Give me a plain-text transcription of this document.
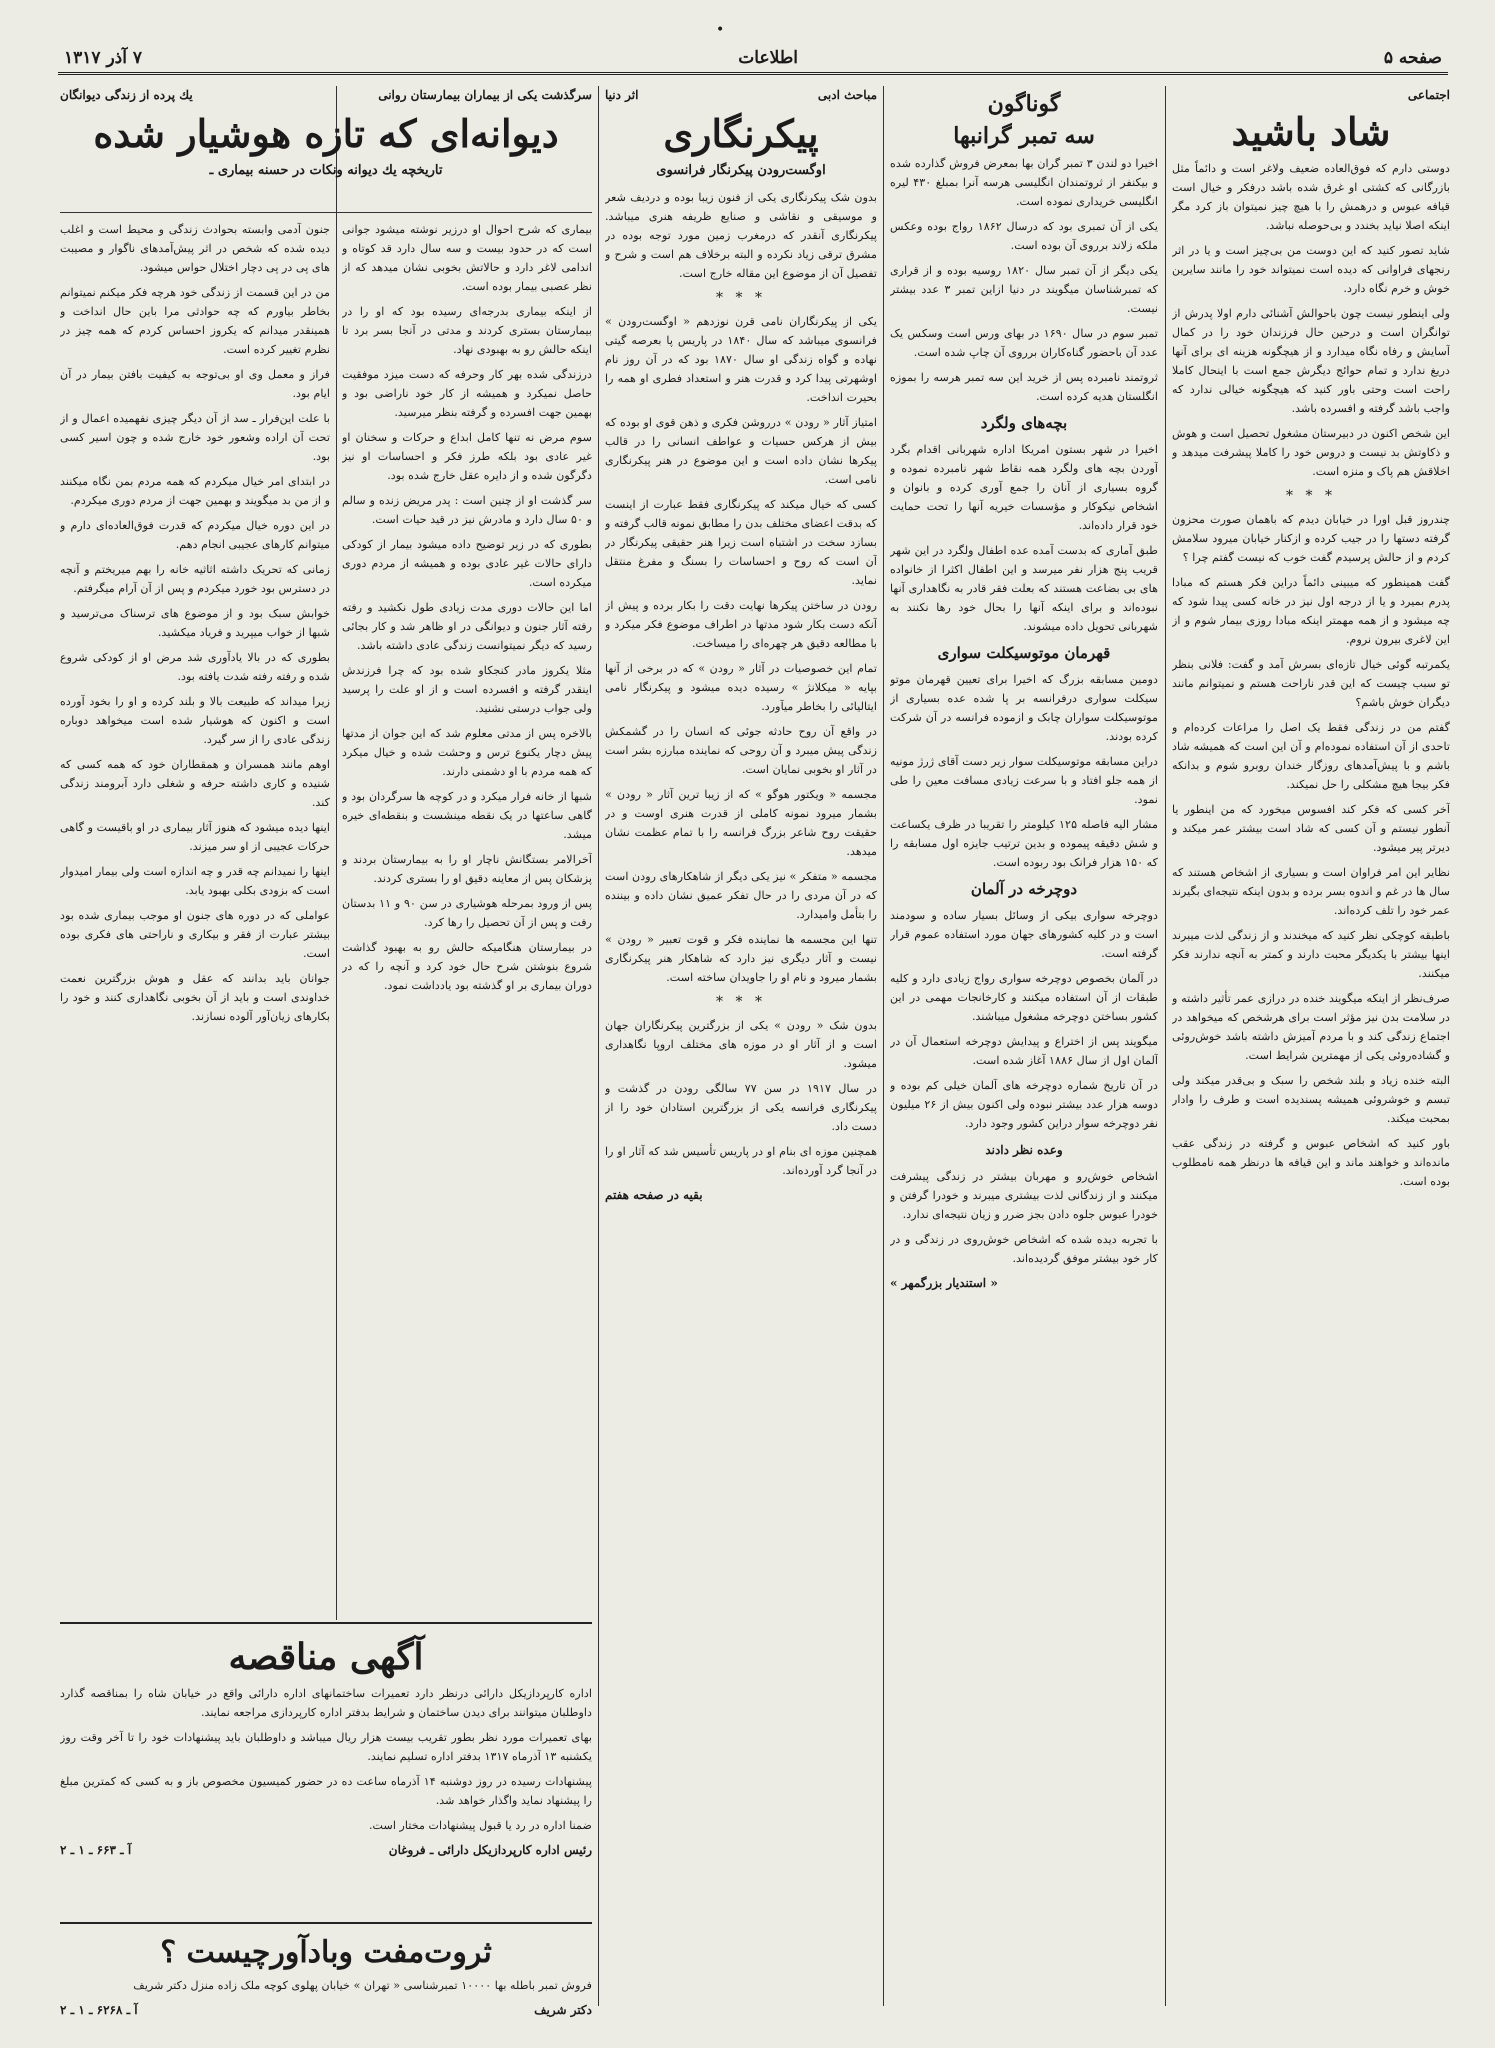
•
صفحه ۵
اطلاعات
۷ آذر ۱۳۱۷
اجتماعی
شاد باشید

دوستی دارم که فوق‌العاده ضعیف ولاغر است و دائماً مثل بازرگانی که کشتی او غرق شده باشد درفکر و خیال است قیافه عبوس و درهمش را با هیچ چیز نمیتوان باز کرد مگر اینکه اصلا نیاید بخندد و بی‌حوصله نباشد.

شاید تصور کنید که این دوست من بی‌چیز است و یا در اثر رنجهای فراوانی که دیده است نمیتواند خود را مانند سایرین خوش و خرم نگاه دارد.

ولی اینطور نیست چون باحوالش آشنائی دارم اولا پدرش از توانگران است و درحین حال فرزندان خود را در کمال آسایش و رفاه نگاه میدارد و از هیچگونه هزینه ای برای آنها دریغ ندارد و تمام حوائج دیگرش جمع است با اینحال کاملا راحت است وحتی باور کنید که هیچگونه خیالی ندارد که واجب باشد گرفته و افسرده باشد.

این شخص اکنون در دبیرستان مشغول تحصیل است و هوش و ذکاوتش بد نیست و دروس خود را کاملا پیشرفت میدهد و اخلاقش هم پاک و منزه است.

* * *

چندروز قبل اورا در خیابان دیدم که باهمان صورت محزون گرفته دستها را در جیب کرده و ازکنار خیابان میرود سلامش کردم و از حالش پرسیدم گفت خوب که نیست گفتم چرا ؟

گفت همینطور که میبینی دائماً دراین فکر هستم که مبادا پدرم بمیرد و یا از درجه اول نیز در خانه کسی پیدا شود که چه میشود و از همه مهمتر اینکه مبادا روزی بیمار شوم و از این لاغری بیرون نروم.

یکمرتبه گوئی خیال تازه‌ای بسرش آمد و گفت: فلانی بنظر تو سبب چیست که این قدر ناراحت هستم و نمیتوانم مانند دیگران خوش باشم؟

گفتم من در زندگی فقط یک اصل را مراعات کرده‌ام و تاحدی از آن استفاده نموده‌ام و آن این است که همیشه شاد باشم و با پیش‌آمدهای روزگار خندان روبرو شوم و بدانکه فکر بیجا هیچ مشکلی را حل نمیکند.

آخر کسی که فکر کند افسوس میخورد که من اینطور یا آنطور نیستم و آن کسی که شاد است بیشتر عمر میکند و دیرتر پیر میشود.

نظایر این امر فراوان است و بسیاری از اشخاص هستند که سال ها در غم و اندوه بسر برده و بدون اینکه نتیجه‌ای بگیرند عمر خود را تلف کرده‌اند.

باطبقه کوچکی نظر کنید که میخندند و از زندگی لذت میبرند اینها بیشتر با یکدیگر محبت دارند و کمتر به آنچه ندارند فکر میکنند.

صرف‌نظر از اینکه میگویند خنده در درازی عمر تأثیر داشته و در سلامت بدن نیز مؤثر است برای هرشخص که میخواهد در اجتماع زندگی کند و با مردم آمیزش داشته باشد خوش‌روئی و گشاده‌روئی یکی از مهمترین شرایط است.

البته خنده زیاد و بلند شخص را سبک و بی‌قدر میکند ولی تبسم و خوشروئی همیشه پسندیده است و طرف را وادار بمحبت میکند.

باور کنید که اشخاص عبوس و گرفته در زندگی عقب مانده‌اند و خواهند ماند و این قیافه ها درنظر همه نامطلوب بوده است.

گوناگون
سه تمبر گرانبها

اخیرا دو لندن ۳ تمبر گران بها بمعرض فروش گذارده شده و بیکنفر از ثروتمندان انگلیسی هرسه آنرا بمبلغ ۴۳۰ لیره انگلیسی خریداری نموده است.

یکی از آن تمبری بود که درسال ۱۸۶۲ رواج بوده وعکس ملکه زلاند برروی آن بوده است.

یکی دیگر از آن تمبر سال ۱۸۲۰ روسیه بوده و از قراری که تمبرشناسان میگویند در دنیا ازاین تمبر ۳ عدد بیشتر نیست.

تمبر سوم در سال ۱۶۹۰ در بهای ورس است وسکس یک عدد آن باحضور گناه‌کاران برروی آن چاپ شده است.

ثروتمند نامبرده پس از خرید این سه تمبر هرسه را بموزه انگلستان هدیه کرده است.

بچه‌های ولگرد

اخیرا در شهر بستون امریکا اداره شهربانی اقدام بگرد آوردن بچه های ولگرد همه نقاط شهر نامبرده نموده و گروه بسیاری از آنان را جمع آوری کرده و بانوان و اشخاص نیکوکار و مؤسسات خیریه آنها را تحت حمایت خود قرار داده‌اند.

طبق آماری که بدست آمده عده اطفال ولگرد در این شهر قریب پنج هزار نفر میرسد و این اطفال اکثرا از خانواده های بی بضاعت هستند که بعلت فقر قادر به نگاهداری آنها نبوده‌اند و برای اینکه آنها را بحال خود رها نکنند به شهربانی تحویل داده میشوند.

قهرمان موتوسیکلت سواری

دومین مسابقه بزرگ که اخیرا برای تعیین قهرمان موتو سیکلت سواری درفرانسه بر پا شده عده بسیاری از موتوسیکلت سواران چابک و ازموده فرانسه در آن شرکت کرده بودند.

دراین مسابقه موتوسیکلت سوار زیر دست آقای ژرژ مونیه از همه جلو افتاد و با سرعت زیادی مسافت معین را طی نمود.

مشار الیه فاصله ۱۲۵ کیلومتر را تقریبا در ظرف یکساعت و شش دقیقه پیموده و بدین ترتیب جایزه اول مسابقه را که ۱۵۰ هزار فرانک بود ربوده است.

دوچرخه در آلمان

دوچرخه سواری بیکی از وسائل بسیار ساده و سودمند است و در کلیه کشورهای جهان مورد استفاده عموم قرار گرفته است.

در آلمان بخصوص دوچرخه سواری رواج زیادی دارد و کلیه طبقات از آن استفاده میکنند و کارخانجات مهمی در این کشور بساختن دوچرخه مشغول میباشند.

میگویند پس از اختراع و پیدایش دوچرخه استعمال آن در آلمان اول از سال ۱۸۸۶ آغاز شده است.

در آن تاریخ شماره دوچرخه های آلمان خیلی کم بوده و دوسه هزار عدد بیشتر نبوده ولی اکنون بیش از ۲۶ میلیون نفر دوچرخه سوار دراین کشور وجود دارد.

وعده نظر دادند

اشخاص خوش‌رو و مهربان بیشتر در زندگی پیشرفت میکنند و از زندگانی لذت بیشتری میبرند و خودرا گرفتن و خودرا عبوس جلوه دادن بجز ضرر و زیان نتیجه‌ای ندارد.

با تجربه دیده شده که اشخاص خوش‌روی در زندگی و در کار خود بیشتر موفق گردیده‌اند.

« استندیار بزرگمهر »
مباحث ادبی
اثر دنیا
پیکرنگاری
اوگست‌رودن پیکرنگار فرانسوی

بدون شک پیکرنگاری یکی از فنون زیبا بوده و دردیف شعر و موسیقی و نقاشی و صنایع ظریفه هنری میباشد. پیکرنگاری آنقدر که درمغرب زمین مورد توجه بوده در مشرق ترقی زیاد نکرده و البته برخلاف هم است و شرح و تفصیل آن از موضوع این مقاله خارج است.

* * *

یکی از پیکرنگاران نامی قرن نوزدهم « اوگست‌رودن » فرانسوی میباشد که سال ۱۸۴۰ در پاریس پا بعرصه گیتی نهاده و گواه زندگی او سال ۱۸۷۰ بود که در آن روز نام اوشهرتی پیدا کرد و قدرت هنر و استعداد فطری او همه را بحیرت انداخت.

امتیاز آثار « رودن » درروشن فکری و ذهن قوی او بوده که بیش از هرکس حسیات و عواطف انسانی را در قالب پیکرها نشان داده است و این موضوع در هنر پیکرنگاری نامی است.

کسی که خیال میکند که پیکرنگاری فقط عبارت از اینست که بدقت اعضای مختلف بدن را مطابق نمونه قالب گرفته و بسازد سخت در اشتباه است زیرا هنر حقیقی پیکرنگار در آن است که روح و احساسات را بسنگ و مفرغ منتقل نماید.

رودن در ساختن پیکرها نهایت دقت را بکار برده و پیش از آنکه دست بکار شود مدتها در اطراف موضوع فکر میکرد و با مطالعه دقیق هر چهره‌ای را میساخت.

تمام این خصوصیات در آثار « رودن » که در برخی از آنها بپایه « میکلانژ » رسیده دیده میشود و پیکرنگار نامی ایتالیائی را بخاطر میآورد.

در واقع آن روح حادثه جوئی که انسان را در گشمکش زندگی پیش میبرد و آن روحی که نماینده مبارزه بشر است در آثار او بخوبی نمایان است.

مجسمه « ویکتور هوگو » که از زیبا ترین آثار « رودن » بشمار میرود نمونه کاملی از قدرت هنری اوست و در حقیقت روح شاعر بزرگ فرانسه را با تمام عظمت نشان میدهد.

مجسمه « متفکر » نیز یکی دیگر از شاهکارهای رودن است که در آن مردی را در حال تفکر عمیق نشان داده و بیننده را بتأمل وامیدارد.

تنها این مجسمه ها نماینده فکر و قوت تعبیر « رودن » نیست و آثار دیگری نیز دارد که شاهکار هنر پیکرنگاری بشمار میرود و نام او را جاویدان ساخته است.

* * *

بدون شک « رودن » یکی از بزرگترین پیکرنگاران جهان است و از آثار او در موزه های مختلف اروپا نگاهداری میشود.

در سال ۱۹۱۷ در سن ۷۷ سالگی رودن در گذشت و پیکرنگاری فرانسه یکی از بزرگترین استادان خود را از دست داد.

همچنین موزه ای بنام او در پاریس تأسیس شد که آثار او را در آنجا گرد آورده‌اند.

بقیه در صفحه هفتم
سرگذشت یکی از بیماران بیمارستان روانی
یك پرده از زندگی دیوانگان
دیوانه‌ای که تازه هوشیار شده
تاریخچه یك دیوانه ونکات در حسنه بیماری ـ

بیماری که شرح احوال او درزیر نوشته میشود جوانی است که در حدود بیست و سه سال دارد قد کوتاه و اندامی لاغر دارد و حالاتش بخوبی نشان میدهد که از نظر عصبی بیمار بوده است.

از اینکه بیماری بدرجه‌ای رسیده بود که او را در بیمارستان بستری کردند و مدتی در آنجا بسر برد تا اینکه حالش رو به بهبودی نهاد.

درزندگی شده بهر کار وحرفه که دست میزد موفقیت حاصل نمیکرد و همیشه از کار خود ناراضی بود و بهمین جهت افسرده و گرفته بنظر میرسید.

سوم مرض نه تنها کامل ابداع و حرکات و سخنان او غیر عادی بود بلکه طرز فکر و احساسات او نیز دگرگون شده و از دایره عقل خارج شده بود.

سر گذشت او از چنین است : پدر مریض زنده و سالم و ۵۰ سال دارد و مادرش نیز در قید حیات است.

بطوری که در زیر توضیح داده میشود بیمار از کودکی دارای حالات غیر عادی بوده و همیشه از مردم دوری میکرده است.

اما این حالات دوری مدت زیادی طول نکشید و رفته رفته آثار جنون و دیوانگی در او ظاهر شد و کار بجائی رسید که دیگر نمیتوانست زندگی عادی داشته باشد.

مثلا یکروز مادر کنجکاو شده بود که چرا فرزندش اینقدر گرفته و افسرده است و از او علت را پرسید ولی جواب درستی نشنید.

بالاخره پس از مدتی معلوم شد که این جوان از مدتها پیش دچار یکنوع ترس و وحشت شده و خیال میکرد که همه مردم با او دشمنی دارند.

شبها از خانه فرار میکرد و در کوچه ها سرگردان بود و گاهی ساعتها در یک نقطه مینشست و بنقطه‌ای خیره میشد.

آخرالامر بستگانش ناچار او را به بیمارستان بردند و پزشکان پس از معاینه دقیق او را بستری کردند.

پس از ورود بمرحله هوشیاری در سن ۹۰ و ۱۱ بدستان رفت و پس از آن تحصیل را رها کرد.

در بیمارستان هنگامیکه حالش رو به بهبود گذاشت شروع بنوشتن شرح حال خود کرد و آنچه را که در دوران بیماری بر او گذشته بود یادداشت نمود.

جنون آدمی وابسته بحوادث زندگی و محیط است و اغلب دیده شده که شخص در اثر پیش‌آمدهای ناگوار و مصیبت های پی در پی دچار اختلال حواس میشود.

من در این قسمت از زندگی خود هرچه فکر میکنم نمیتوانم بخاطر بیاورم که چه حوادثی مرا باین حال انداخت و همینقدر میدانم که یکروز احساس کردم که همه چیز در نظرم تغییر کرده است.

فراز و معمل وی او بی‌توجه به کیفیت بافتن بیمار در آن ایام بود.

با علت این‌فرار ـ سد از آن دیگر چیزی نفهمیده اعمال و از تحت آن اراده وشعور خود خارج شده و چون اسیر کسی بود.

در ابتدای امر خیال میکردم که همه مردم بمن نگاه میکنند و از من بد میگویند و بهمین جهت از مردم دوری میکردم.

در این دوره خیال میکردم که قدرت فوق‌العاده‌ای دارم و میتوانم کارهای عجیبی انجام دهم.

زمانی که تحریک داشته اثاثیه خانه را بهم میریختم و آنچه در دسترس بود خورد میکردم و پس از آن آرام میگرفتم.

خوابش سبک بود و از موضوع های ترسناک می‌ترسید و شبها از خواب میپرید و فریاد میکشید.

بطوری که در بالا یادآوری شد مرض او از کودکی شروع شده و رفته رفته شدت یافته بود.

زیرا میداند که طبیعت بالا و بلند کرده و او را بخود آورده است و اکنون که هوشیار شده است میخواهد دوباره زندگی عادی را از سر گیرد.

اوهم مانند همسران و همقطاران خود که همه کسی که شنیده و کاری داشته حرفه و شغلی دارد آبرومند زندگی کند.

اینها دیده میشود که هنوز آثار بیماری در او باقیست و گاهی حرکات عجیبی از او سر میزند.

اینها را نمیدانم چه قدر و چه اندازه است ولی بیمار امیدوار است که بزودی بکلی بهبود یابد.

عواملی که در دوره های جنون او موجب بیماری شده بود بیشتر عبارت از فقر و بیکاری و ناراحتی های فکری بوده است.

جوانان باید بدانند که عقل و هوش بزرگترین نعمت خداوندی است و باید از آن بخوبی نگاهداری کنند و خود را بکارهای زیان‌آور آلوده نسازند.

آگهی مناقصه

اداره کارپردازیکل دارائی درنظر دارد تعمیرات ساختمانهای اداره دارائی واقع در خیابان شاه را بمناقصه گذارد داوطلبان میتوانند برای دیدن ساختمان و شرایط بدفتر اداره کارپردازی مراجعه نمایند.

بهای تعمیرات مورد نظر بطور تقریب بیست هزار ریال میباشد و داوطلبان باید پیشنهادات خود را تا آخر وقت روز یکشنبه ۱۳ آذرماه ۱۳۱۷ بدفتر اداره تسلیم نمایند.

پیشنهادات رسیده در روز دوشنبه ۱۴ آذرماه ساعت ده در حضور کمیسیون مخصوص باز و به کسی که کمترین مبلغ را پیشنهاد نماید واگذار خواهد شد.

ضمنا اداره در رد یا قبول پیشنهادات مختار است.

رئیس اداره کارپردازیکل دارائی ـ فروغان
آ ـ ۶۶۳ ـ ۱ ـ ۲
ثروت‌مفت وبادآورچیست ؟

فروش تمبر باطله بها ۱۰۰۰۰ تمبرشناسی « تهران » خیابان پهلوی کوچه ملک زاده منزل دکتر شریف

دکتر شریف
آ ـ ۶۲۶۸ ـ ۱ ـ ۲
